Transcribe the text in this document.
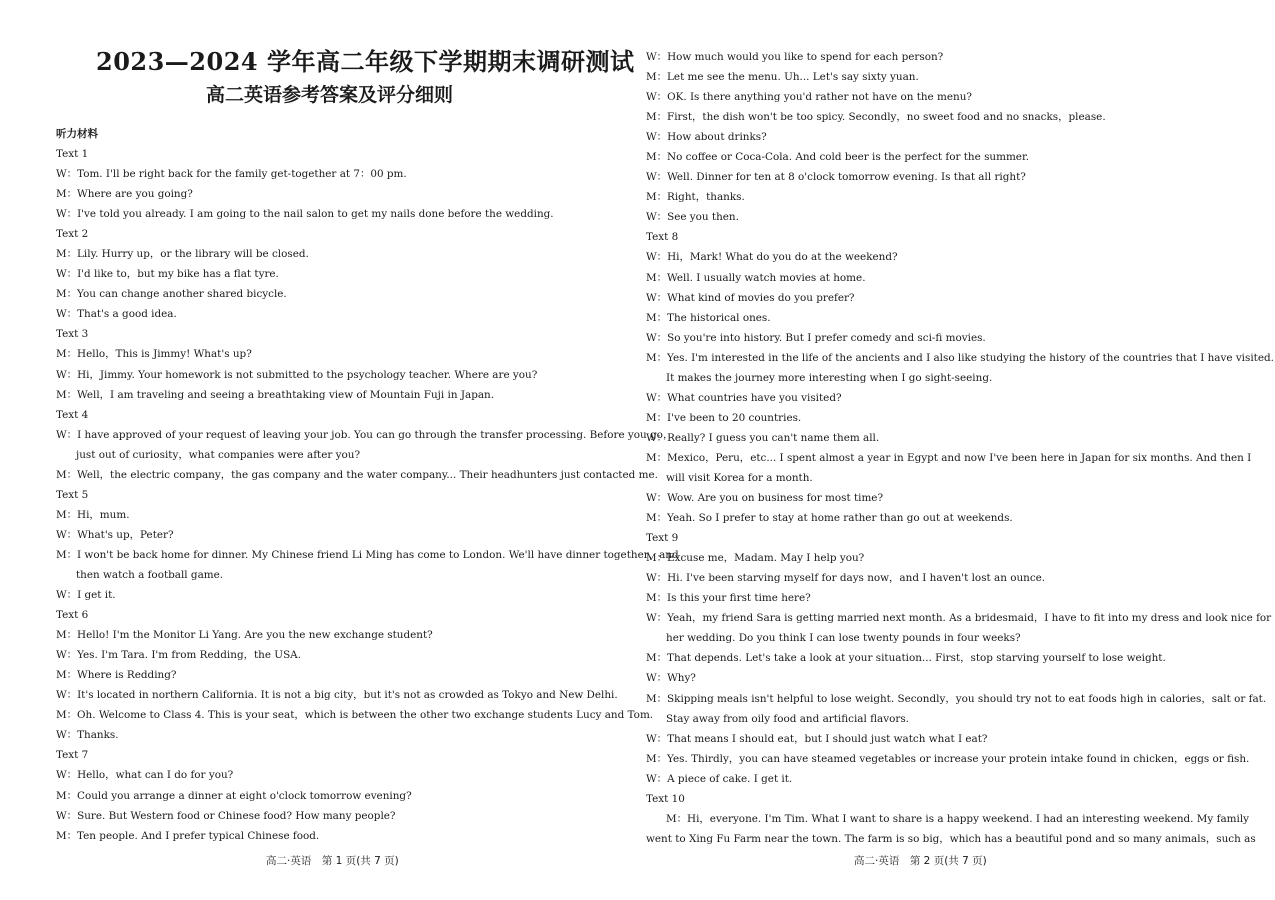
2023—2024 学年高二年级下学期期末调研测试
高二英语参考答案及评分细则
听力材料
Text 1
W：Tom. I'll be right back for the family get-together at 7：00 pm.
M：Where are you going?
W：I've told you already. I am going to the nail salon to get my nails done before the wedding.
Text 2
M：Lily. Hurry up，or the library will be closed.
W：I'd like to，but my bike has a flat tyre.
M：You can change another shared bicycle.
W：That's a good idea.
Text 3
M：Hello，This is Jimmy! What's up?
W：Hi，Jimmy. Your homework is not submitted to the psychology teacher. Where are you?
M：Well，I am traveling and seeing a breathtaking view of Mountain Fuji in Japan.
Text 4
W：I have approved of your request of leaving your job. You can go through the transfer processing. Before you go，
just out of curiosity，what companies were after you?
M：Well，the electric company，the gas company and the water company... Their headhunters just contacted me.
Text 5
M：Hi，mum.
W：What's up，Peter?
M：I won't be back home for dinner. My Chinese friend Li Ming has come to London. We'll have dinner together，and
then watch a football game.
W：I get it.
Text 6
M：Hello! I'm the Monitor Li Yang. Are you the new exchange student?
W：Yes. I'm Tara. I'm from Redding，the USA.
M：Where is Redding?
W：It's located in northern California. It is not a big city，but it's not as crowded as Tokyo and New Delhi.
M：Oh. Welcome to Class 4. This is your seat，which is between the other two exchange students Lucy and Tom.
W：Thanks.
Text 7
W：Hello，what can I do for you?
M：Could you arrange a dinner at eight o'clock tomorrow evening?
W：Sure. But Western food or Chinese food? How many people?
M：Ten people. And I prefer typical Chinese food.
高二·英语　第 1 页(共 7 页)
W：How much would you like to spend for each person?
M：Let me see the menu. Uh... Let's say sixty yuan.
W：OK. Is there anything you'd rather not have on the menu?
M：First，the dish won't be too spicy. Secondly，no sweet food and no snacks，please.
W：How about drinks?
M：No coffee or Coca-Cola. And cold beer is the perfect for the summer.
W：Well. Dinner for ten at 8 o'clock tomorrow evening. Is that all right?
M：Right，thanks.
W：See you then.
Text 8
W：Hi，Mark! What do you do at the weekend?
M：Well. I usually watch movies at home.
W：What kind of movies do you prefer?
M：The historical ones.
W：So you're into history. But I prefer comedy and sci-fi movies.
M：Yes. I'm interested in the life of the ancients and I also like studying the history of the countries that I have visited.
It makes the journey more interesting when I go sight-seeing.
W：What countries have you visited?
M：I've been to 20 countries.
W：Really? I guess you can't name them all.
M：Mexico，Peru，etc... I spent almost a year in Egypt and now I've been here in Japan for six months. And then I
will visit Korea for a month.
W：Wow. Are you on business for most time?
M：Yeah. So I prefer to stay at home rather than go out at weekends.
Text 9
M：Excuse me，Madam. May I help you?
W：Hi. I've been starving myself for days now，and I haven't lost an ounce.
M：Is this your first time here?
W：Yeah，my friend Sara is getting married next month. As a bridesmaid，I have to fit into my dress and look nice for
her wedding. Do you think I can lose twenty pounds in four weeks?
M：That depends. Let's take a look at your situation... First，stop starving yourself to lose weight.
W：Why?
M：Skipping meals isn't helpful to lose weight. Secondly，you should try not to eat foods high in calories，salt or fat.
Stay away from oily food and artificial flavors.
W：That means I should eat，but I should just watch what I eat?
M：Yes. Thirdly，you can have steamed vegetables or increase your protein intake found in chicken，eggs or fish.
W：A piece of cake. I get it.
Text 10
M：Hi，everyone. I'm Tim. What I want to share is a happy weekend. I had an interesting weekend. My family
went to Xing Fu Farm near the town. The farm is so big，which has a beautiful pond and so many animals，such as
高二·英语　第 2 页(共 7 页)
